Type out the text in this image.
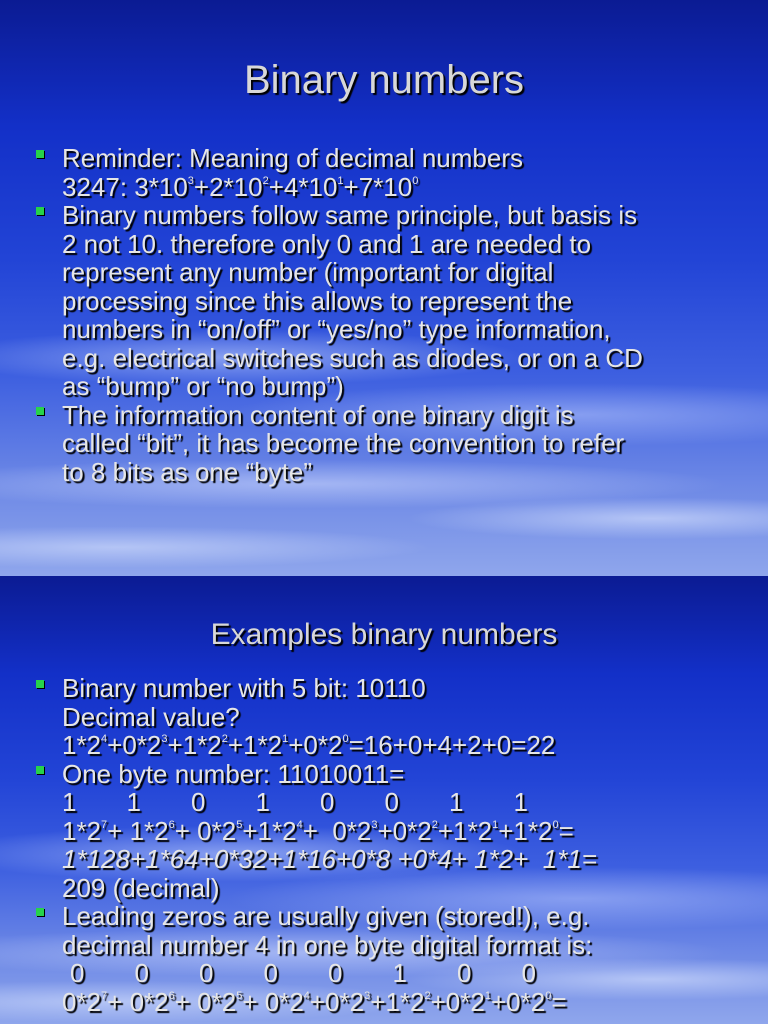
Binary numbers
Reminder: Meaning of decimal numbers
3247: $3*10^3+2*10^2+4*10^1+7*10^0$
Binary numbers follow same principle, but basis is
2 not 10. therefore only 0 and 1 are needed to
represent any number (important for digital
processing since this allows to represent the
numbers in “on/off” or “yes/no” type information,
e.g. electrical switches such as diodes, or on a CD
as “bump” or “no bump”)
The information content of one binary digit is
called “bit”, it has become the convention to refer
to 8 bits as one “byte”
Examples binary numbers
Binary number with 5 bit: 10110
Decimal value?
$1*2^4+0*2^3+1*2^2+1*2^1+0*2^0=16+0+4+2+0=22$
One byte number: 11010011=
1 1 0 1 0 0 1 1
$1*2^7+ 1*2^6+ 0*2^5+1*2^4+ 0*2^3+0*2^2+1*2^1+1*2^0=$
1*128+1*64+0*32+1*16+0*8 +0*4+ 1*2+  1*1=
209 (decimal)
Leading zeros are usually given (stored!), e.g.
decimal number 4 in one byte digital format is:
0 0 0 0 0 1 0 0
$0*2^7+ 0*2^6+ 0*2^5+ 0*2^4+0*2^3+1*2^2+0*2^1+0*2^0=$
